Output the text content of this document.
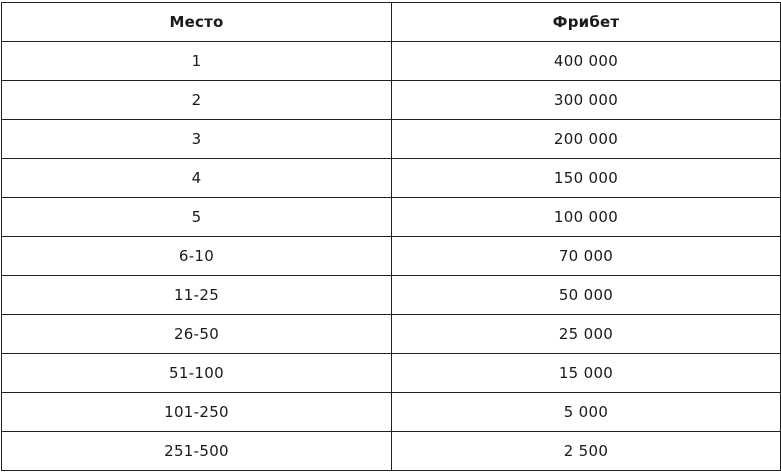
Место	Фрибет
1	400 000
2	300 000
3	200 000
4	150 000
5	100 000
6-10	70 000
11-25	50 000
26-50	25 000
51-100	15 000
101-250	5 000
251-500	2 500
